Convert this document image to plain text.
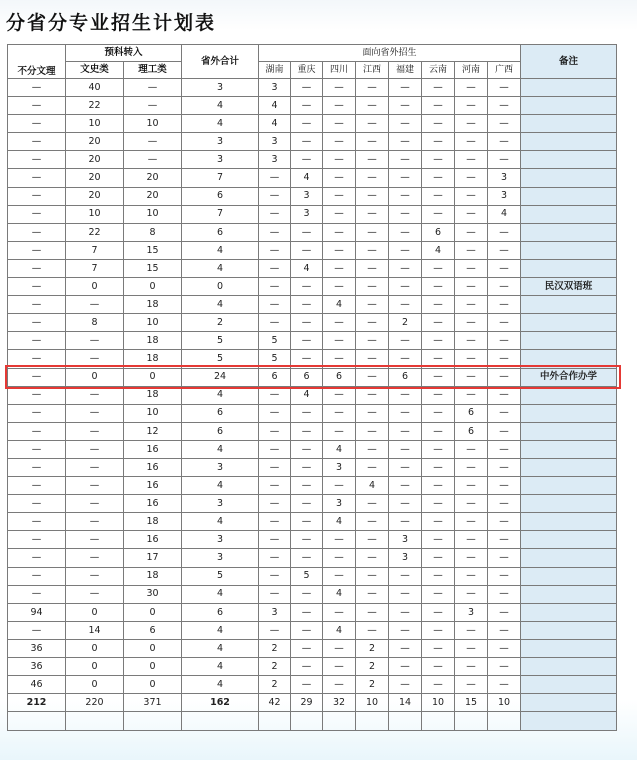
分省分专业招生计划表
不分文理	预科转入		省外合计	面向省外招生								备注
	文史类	理工类		湖南	重庆	四川	江西	福建	云南	河南	广西	
—	40	—	3	3	—	—	—	—	—	—	—	
—	22	—	4	4	—	—	—	—	—	—	—	
—	10	10	4	4	—	—	—	—	—	—	—	
—	20	—	3	3	—	—	—	—	—	—	—	
—	20	—	3	3	—	—	—	—	—	—	—	
—	20	20	7	—	4	—	—	—	—	—	3	
—	20	20	6	—	3	—	—	—	—	—	3	
—	10	10	7	—	3	—	—	—	—	—	4	
—	22	8	6	—	—	—	—	—	6	—	—	
—	7	15	4	—	—	—	—	—	4	—	—	
—	7	15	4	—	4	—	—	—	—	—	—	
—	0	0	0	—	—	—	—	—	—	—	—	民汉双语班
—	—	18	4	—	—	4	—	—	—	—	—	
—	8	10	2	—	—	—	—	2	—	—	—	
—	—	18	5	5	—	—	—	—	—	—	—	
—	—	18	5	5	—	—	—	—	—	—	—	
—	0	0	24	6	6	6	—	6	—	—	—	中外合作办学
—	—	18	4	—	4	—	—	—	—	—	—	
—	—	10	6	—	—	—	—	—	—	6	—	
—	—	12	6	—	—	—	—	—	—	6	—	
—	—	16	4	—	—	4	—	—	—	—	—	
—	—	16	3	—	—	3	—	—	—	—	—	
—	—	16	4	—	—	—	4	—	—	—	—	
—	—	16	3	—	—	3	—	—	—	—	—	
—	—	18	4	—	—	4	—	—	—	—	—	
—	—	16	3	—	—	—	—	3	—	—	—	
—	—	17	3	—	—	—	—	3	—	—	—	
—	—	18	5	—	5	—	—	—	—	—	—	
—	—	30	4	—	—	4	—	—	—	—	—	
94	0	0	6	3	—	—	—	—	—	3	—	
—	14	6	4	—	—	4	—	—	—	—	—	
36	0	0	4	2	—	—	2	—	—	—	—	
36	0	0	4	2	—	—	2	—	—	—	—	
46	0	0	4	2	—	—	2	—	—	—	—	
212	220	371	162	42	29	32	10	14	10	15	10	
